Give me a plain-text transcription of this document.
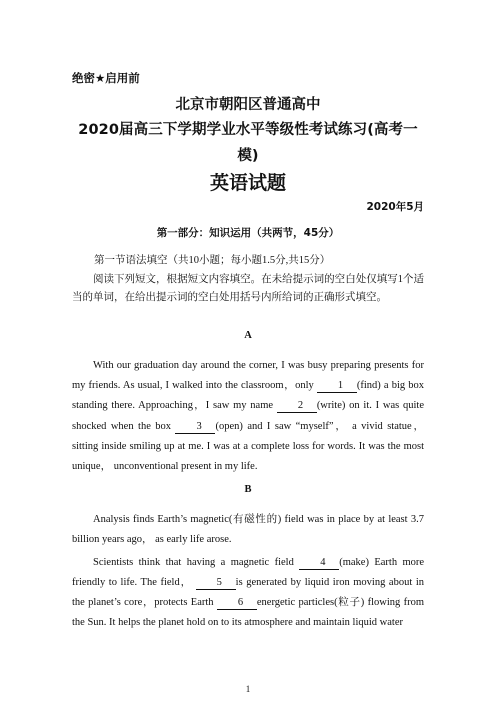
绝密★启用前
北京市朝阳区普通高中
2020届高三下学期学业水平等级性考试练习(高考一
模)
英语试题
2020年5月
第一部分：知识运用（共两节，45分）
第一节语法填空（共10小题；每小题1.5分,共15分）
阅读下列短文，根据短文内容填空。在未给提示词的空白处仅填写1个适当的单词，在给出提示词的空白处用括号内所给词的正确形式填空。
A
With our graduation day around the corner, I was busy preparing presents for my friends. As usual, I walked into the classroom，only 1 (find) a big box standing there. Approaching，I saw my name 2 (write) on it. I was quite shocked when the box 3 (open) and I saw “myself”， a vivid statue， sitting inside smiling up at me. I was at a complete loss for words. It was the most unique， unconventional present in my life.
B
Analysis finds Earth’s magnetic(有磁性的) field was in place by at least 3.7 billion years ago， as early life arose.
Scientists think that having a magnetic field	4 (make) Earth more friendly to life. The field， 5 is generated by liquid iron moving about in the planet’s core，protects Earth 6 energetic particles(粒子) flowing from the Sun. It helps the planet hold on to its atmosphere and maintain liquid water
1
